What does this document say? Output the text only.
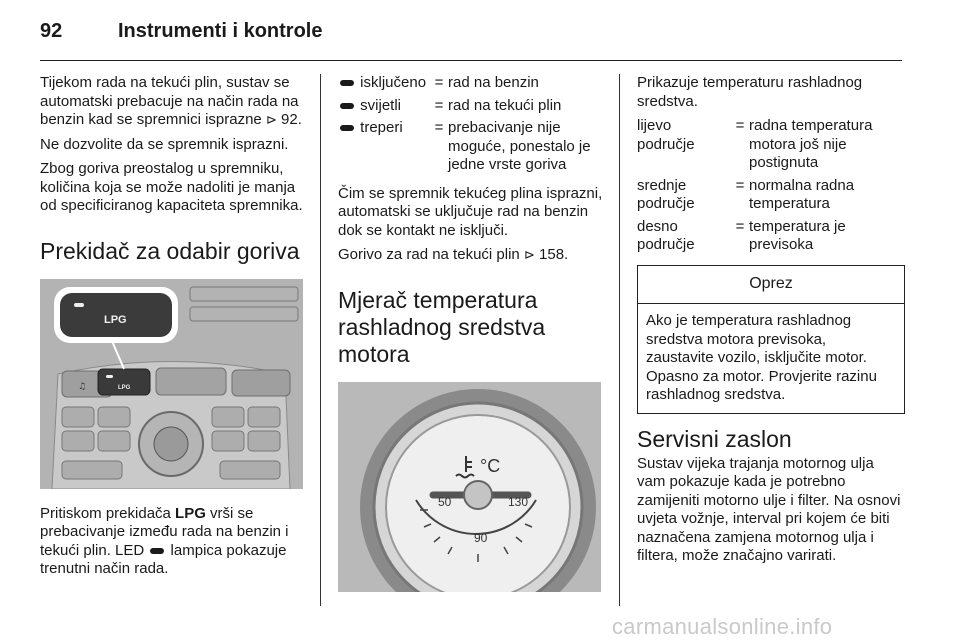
92	Instrumenti i kontrole

Tijekom rada na tekući plin, sustav se automatski prebacuje na način rada na benzin kad se spremnici isprazne ⊳ 92.

Ne dozvolite da se spremnik isprazni.

Zbog goriva preostalog u spremniku, količina koja se može nadoliti je manja od specificiranog kapaciteta spremnika.

Prekidač za odabir goriva
♫	LPG
LPG

Pritiskom prekidača LPG vrši se prebacivanje između rada na benzin i tekući plin. LED  lampica pokazuje trenutni način rada.

isključeno	=	rad na benzin
svijetli	=	rad na tekući plin
treperi	=	prebacivanje nije moguće, ponestalo je jedne vrste goriva

Čim se spremnik tekućeg plina isprazni, automatski se uključuje rad na benzin dok se kontakt ne isključi.

Gorivo za rad na tekući plin ⊳ 158.

Mjerač temperatura rashladnog sredstva motora
50	130
90
°C

Prikazuje temperaturu rashladnog sredstva.

lijevo područje	=	radna temperatura motora još nije postignuta
srednje područje	=	normalna radna temperatura
desno područje	=	temperatura je previsoka
Oprez
Ako je temperatura rashladnog sredstva motora previsoka, zaustavite vozilo, isključite motor. Opasno za motor. Provjerite razinu rashladnog sredstva.
Servisni zaslon

Sustav vijeka trajanja motornog ulja vam pokazuje kada je potrebno zamijeniti motorno ulje i filter. Na osnovi uvjeta vožnje, interval pri kojem će biti naznačena zamjena motornog ulja i filtera, može značajno varirati.

carmanualsonline.info
